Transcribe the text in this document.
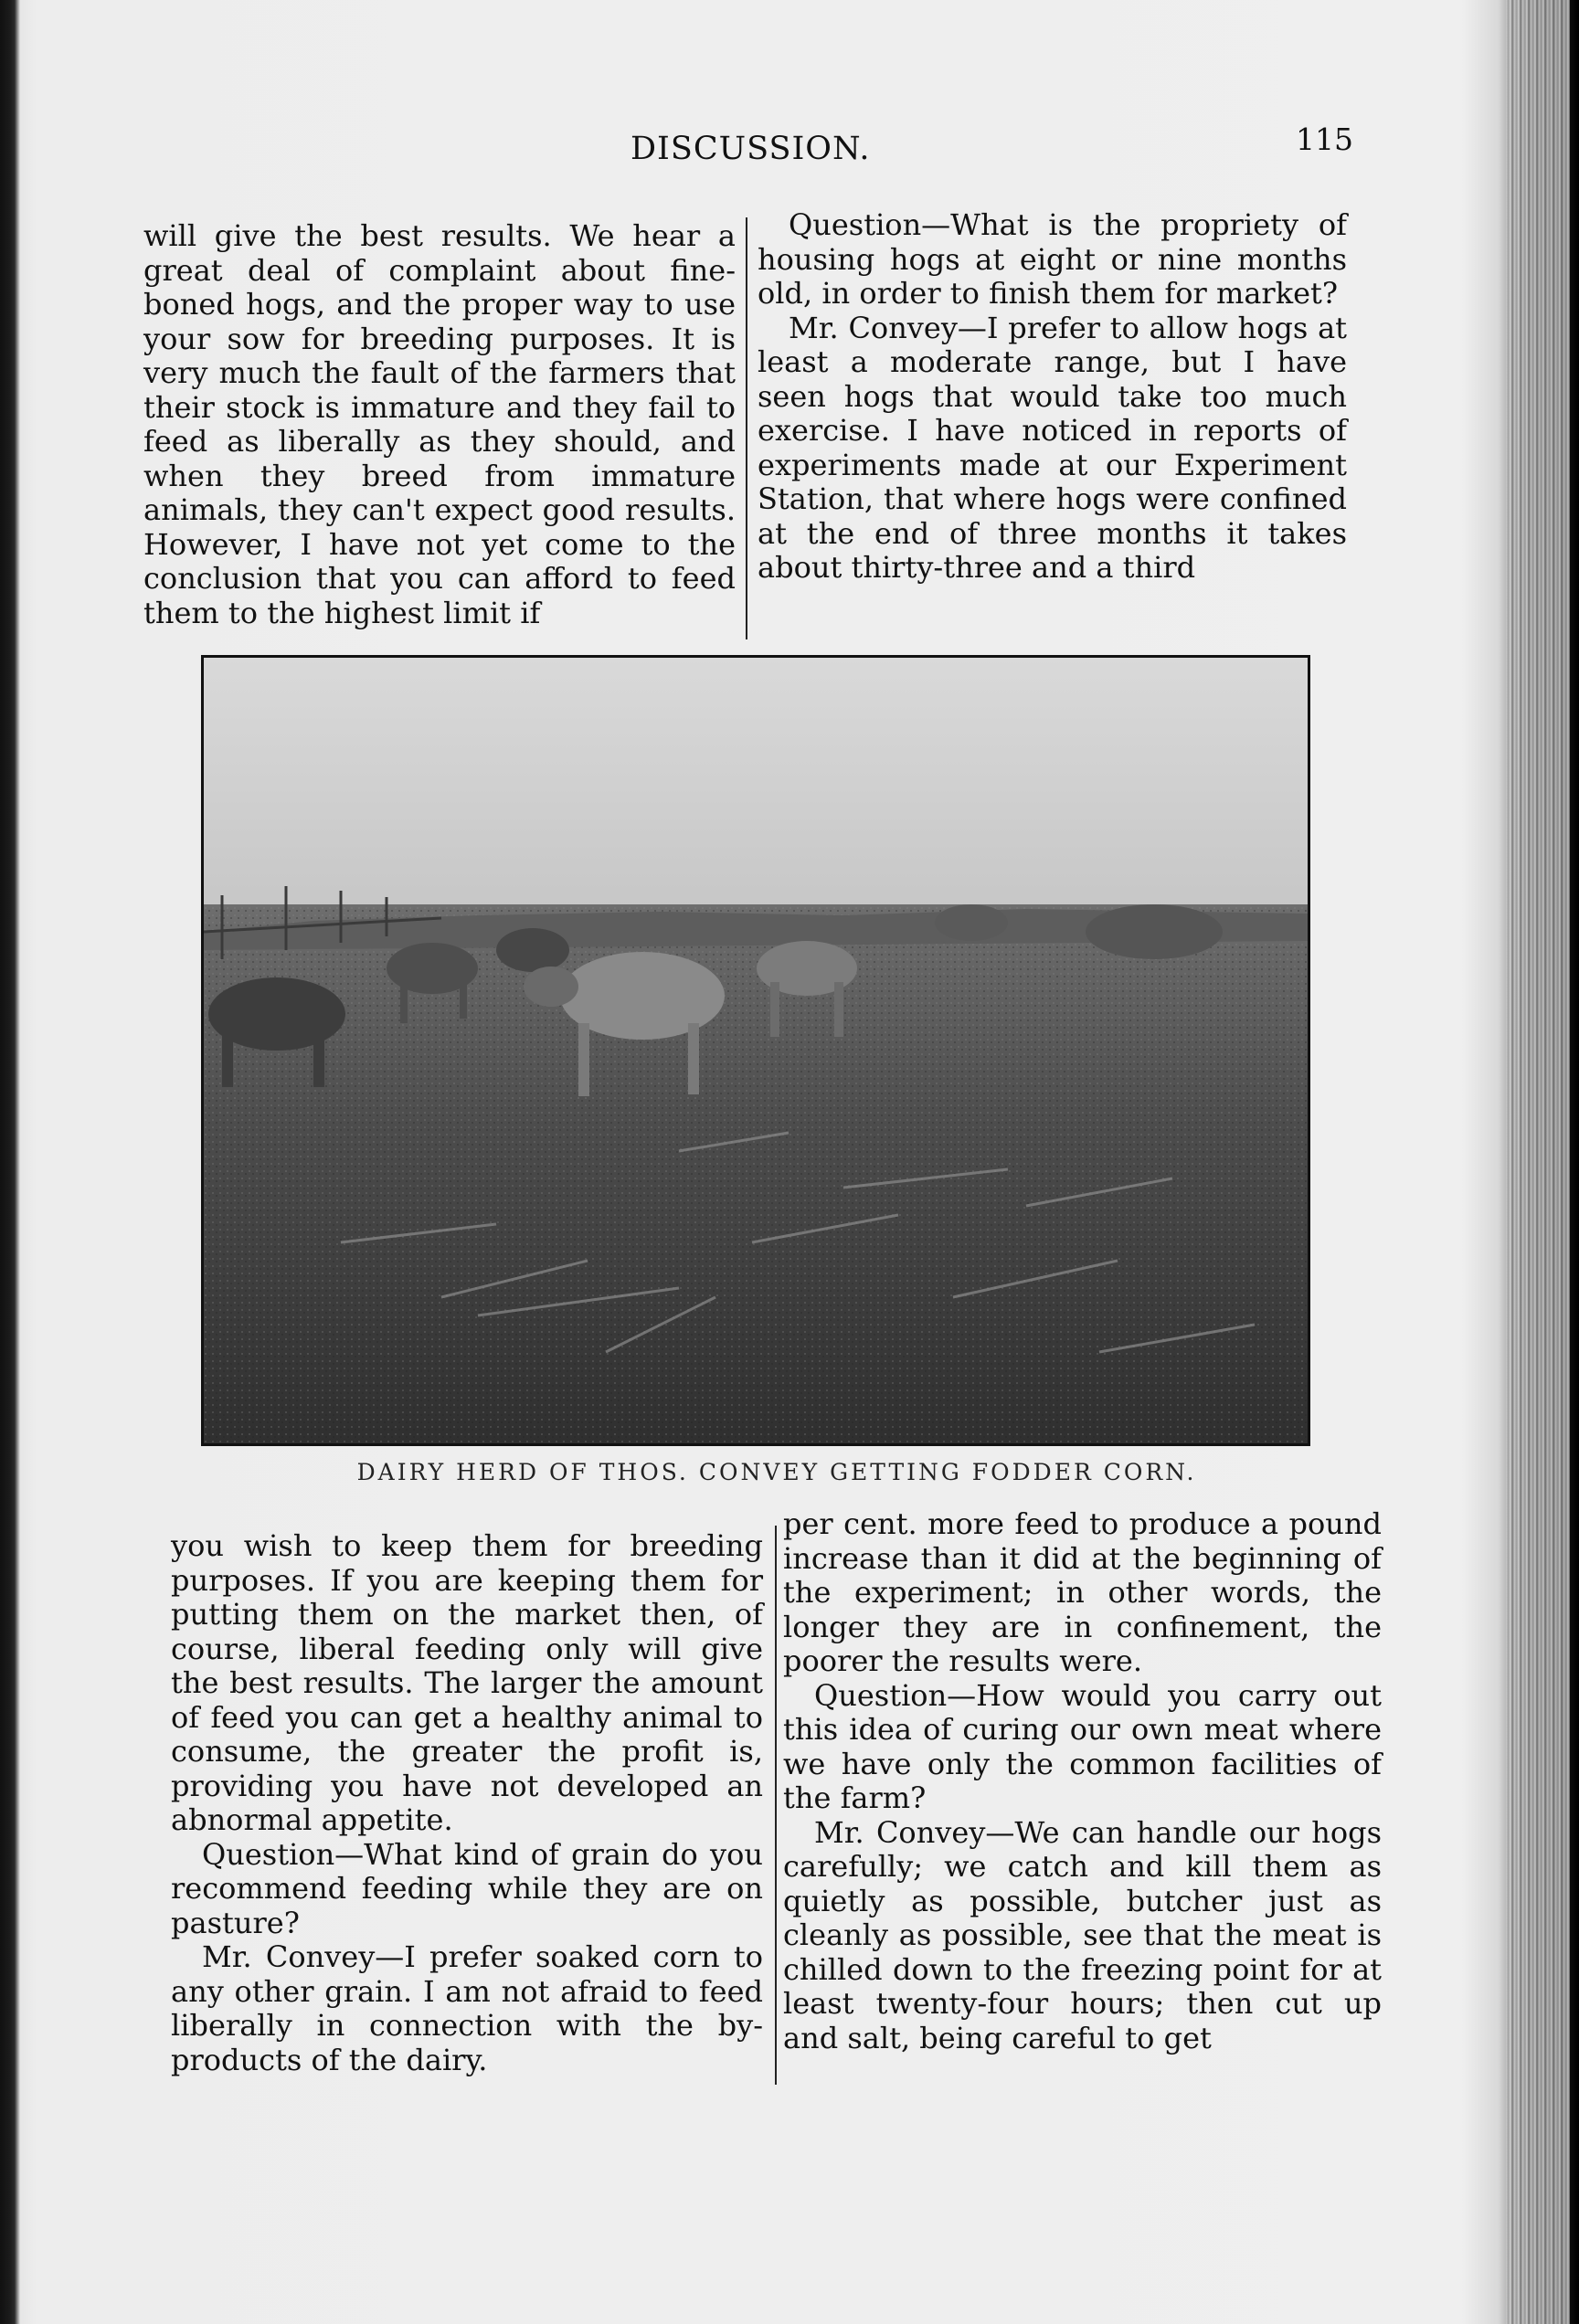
DISCUSSION.	115

will give the best results. We hear a great deal of complaint about fine-boned hogs, and the proper way to use your sow for breeding purposes. It is very much the fault of the farmers that their stock is immature and they fail to feed as liberally as they should, and when they breed from immature animals, they can't expect good results. However, I have not yet come to the conclusion that you can afford to feed them to the highest limit if

Question—What is the propriety of housing hogs at eight or nine months old, in order to finish them for market?

Mr. Convey—I prefer to allow hogs at least a moderate range, but I have seen hogs that would take too much exercise. I have noticed in reports of experiments made at our Experiment Station, that where hogs were confined at the end of three months it takes about thirty-three and a third

DAIRY HERD OF THOS. CONVEY GETTING FODDER CORN.

you wish to keep them for breeding purposes. If you are keeping them for putting them on the market then, of course, liberal feeding only will give the best results. The larger the amount of feed you can get a healthy animal to consume, the greater the profit is, providing you have not developed an abnormal appetite.

Question—What kind of grain do you recommend feeding while they are on pasture?

Mr. Convey—I prefer soaked corn to any other grain. I am not afraid to feed liberally in connection with the by-products of the dairy.

per cent. more feed to produce a pound increase than it did at the beginning of the experiment; in other words, the longer they are in confinement, the poorer the results were.

Question—How would you carry out this idea of curing our own meat where we have only the common facilities of the farm?

Mr. Convey—We can handle our hogs carefully; we catch and kill them as quietly as possible, butcher just as cleanly as possible, see that the meat is chilled down to the freezing point for at least twenty-four hours; then cut up and salt, being careful to get
